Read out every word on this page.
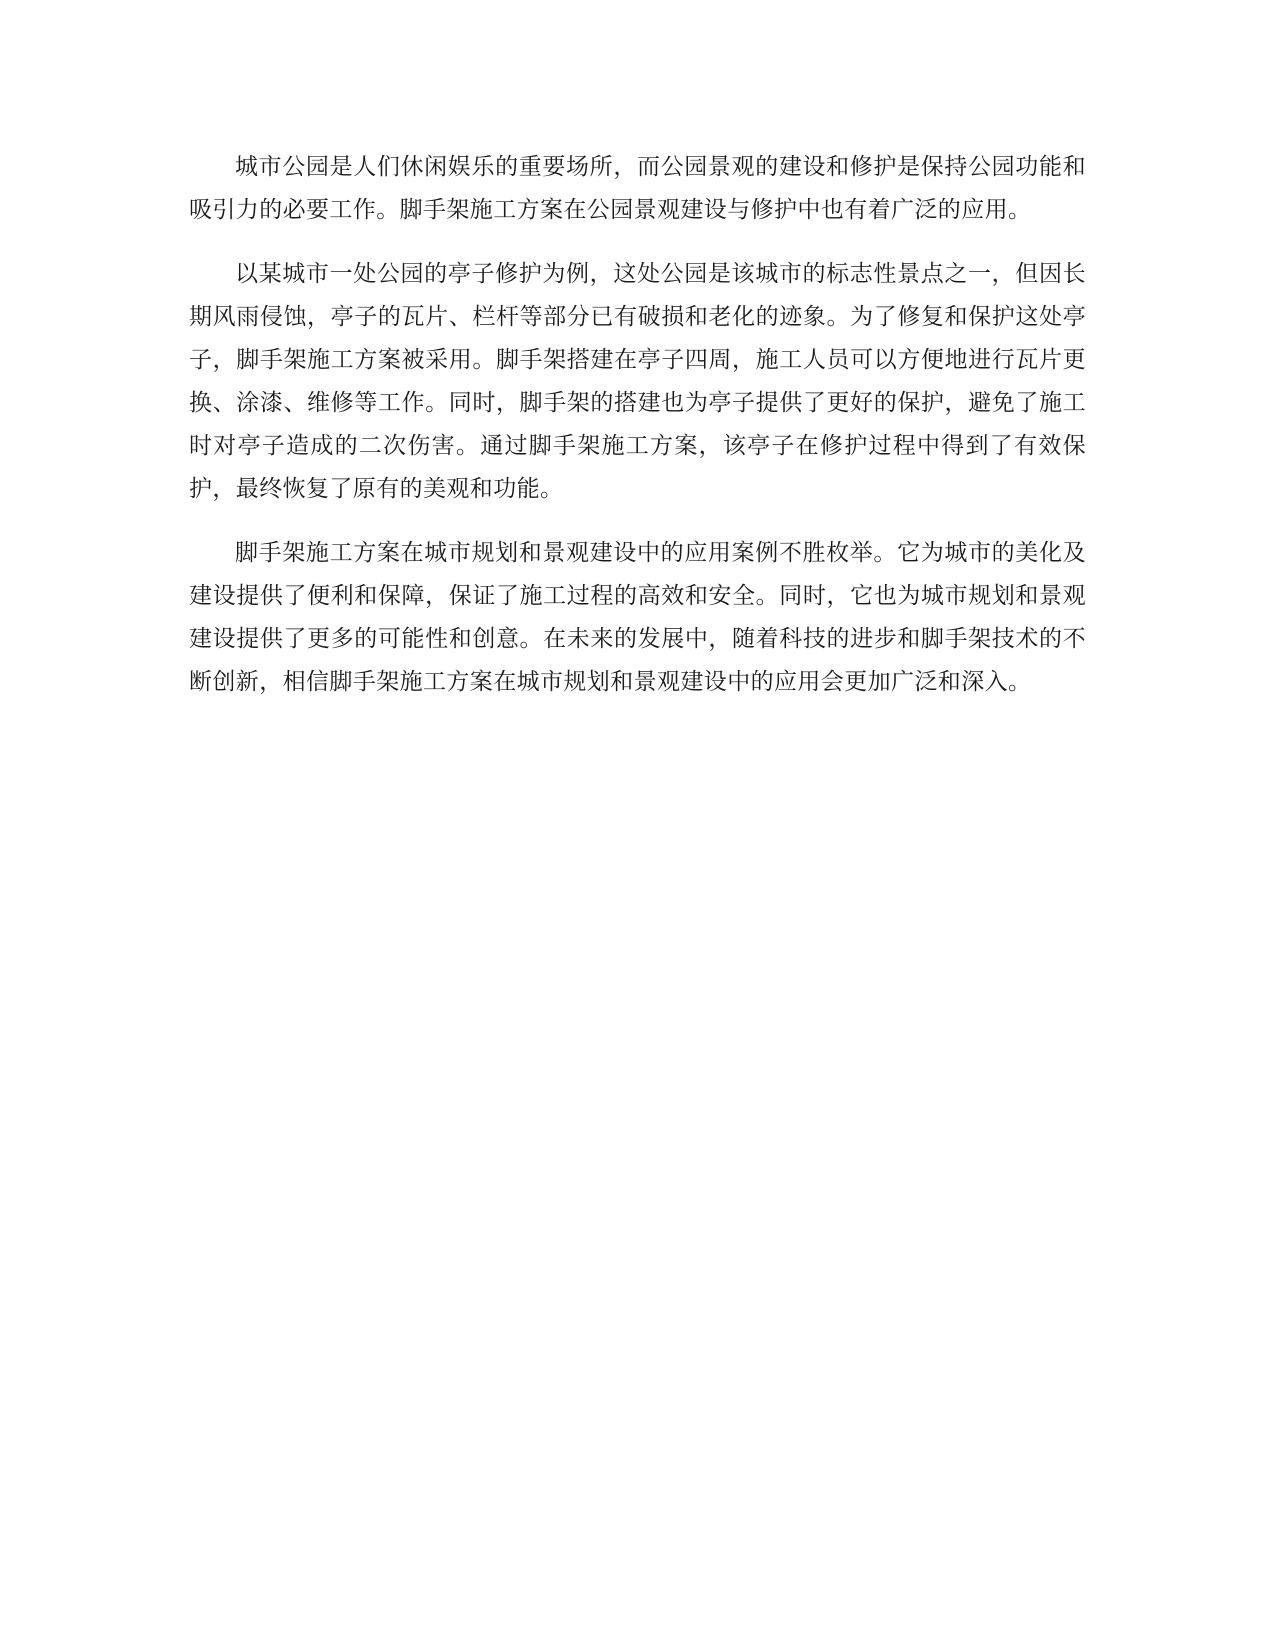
城市公园是人们休闲娱乐的重要场所，而公园景观的建设和修护是保持公园功能和吸引力的必要工作。脚手架施工方案在公园景观建设与修护中也有着广泛的应用。

以某城市一处公园的亭子修护为例，这处公园是该城市的标志性景点之一，但因长期风雨侵蚀，亭子的瓦片、栏杆等部分已有破损和老化的迹象。为了修复和保护这处亭子，脚手架施工方案被采用。脚手架搭建在亭子四周，施工人员可以方便地进行瓦片更换、涂漆、维修等工作。同时，脚手架的搭建也为亭子提供了更好的保护，避免了施工时对亭子造成的二次伤害。通过脚手架施工方案，该亭子在修护过程中得到了有效保护，最终恢复了原有的美观和功能。

脚手架施工方案在城市规划和景观建设中的应用案例不胜枚举。它为城市的美化及建设提供了便利和保障，保证了施工过程的高效和安全。同时，它也为城市规划和景观建设提供了更多的可能性和创意。在未来的发展中，随着科技的进步和脚手架技术的不断创新，相信脚手架施工方案在城市规划和景观建设中的应用会更加广泛和深入。
